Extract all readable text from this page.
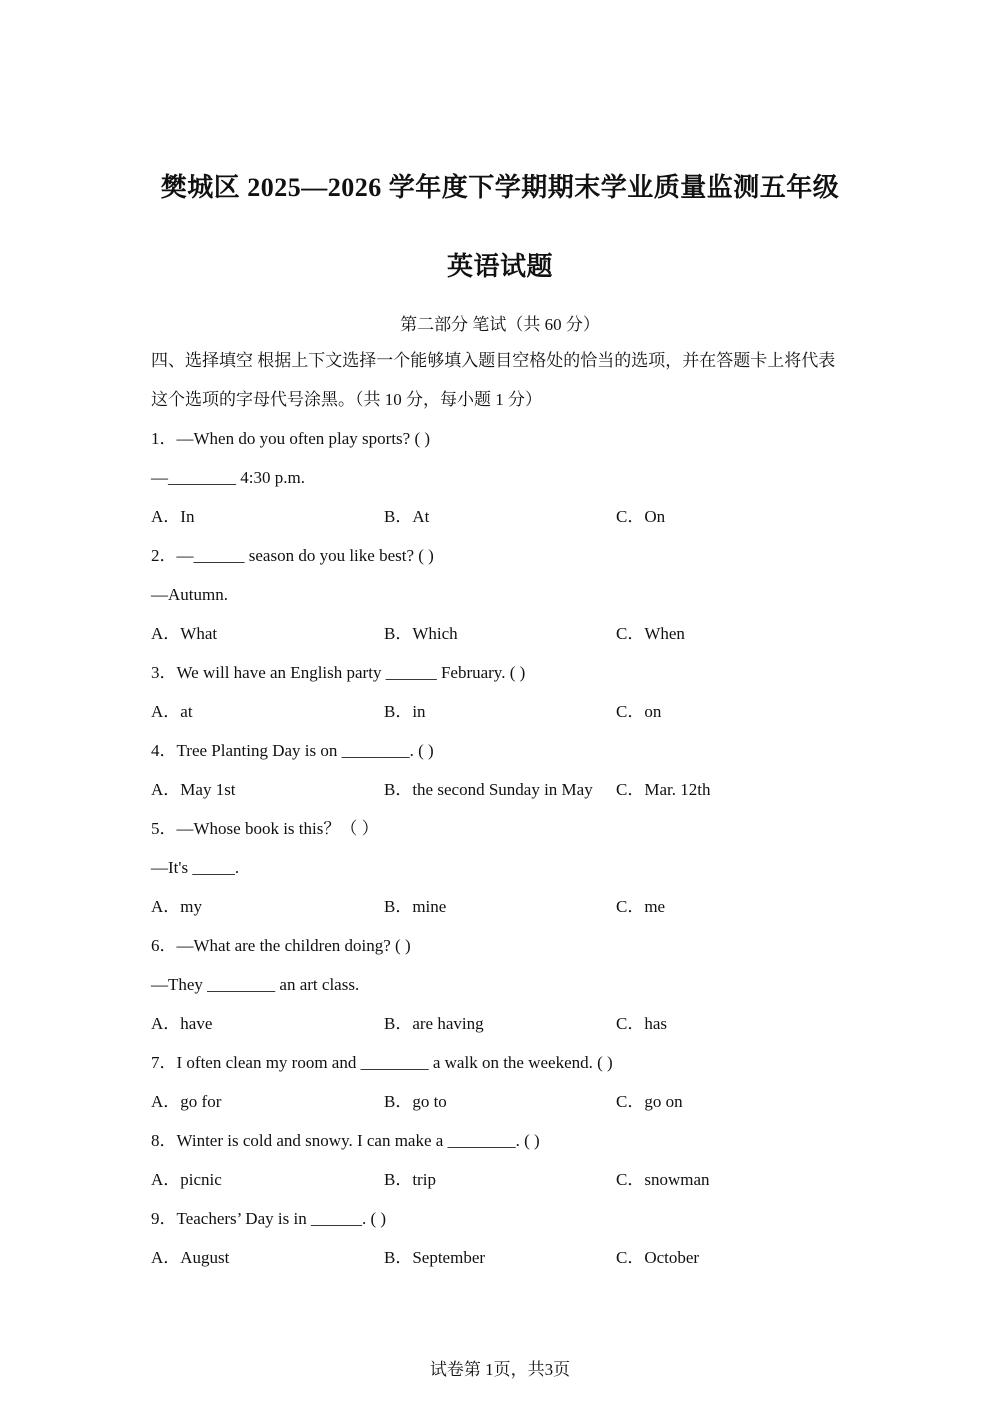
樊城区 2025—2026 学年度下学期期末学业质量监测五年级
英语试题
第二部分 笔试（共 60 分）
四、选择填空 根据上下文选择一个能够填入题目空格处的恰当的选项，并在答题卡上将代表这个选项的字母代号涂黑。（共 10 分，每小题 1 分）
1．—When do you often play sports? ( )
—________ 4:30 p.m.
A．In	B．At	C．On
2．—______ season do you like best? ( )
—Autumn.
A．What	B．Which	C．When
3．We will have an English party ______ February. ( )
A．at	B．in	C．on
4．Tree Planting Day is on ________. ( )
A．May 1st	B．the second Sunday in May C．Mar. 12th
5．—Whose book is this？（ ）
—It's _____.
A．my	B．mine	C．me
6．—What are the children doing? ( )
—They ________ an art class.
A．have	B．are having	C．has
7．I often clean my room and ________ a walk on the weekend. ( )
A．go for	B．go to	C．go on
8．Winter is cold and snowy. I can make a ________. ( )
A．picnic	B．trip	C．snowman
9．Teachers’ Day is in ______. ( )
A．August	B．September	C．October
试卷第 1页，共3页
